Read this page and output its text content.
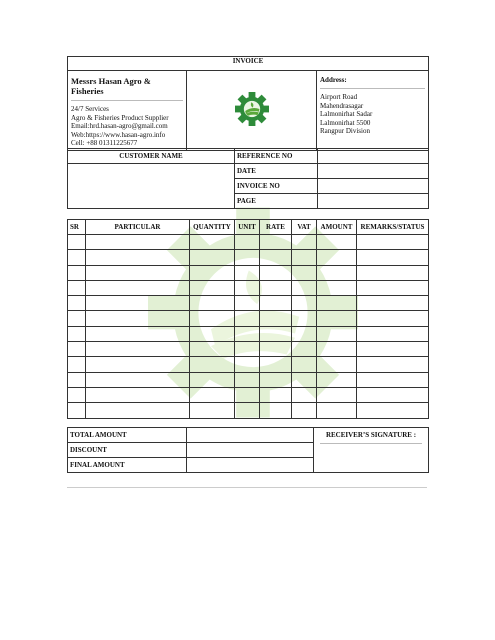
INVOICE

Messrs Hasan Agro & Fisheries
24/7 Services
Agro & Fisheries Product Supplier
Email:hrd.hasan-agro@gmail.com
Web:https://www.hasan-agro.info
Cell: +88 01311225677

Address:
Airport Road
Mahendrasagar
Lalmonirhat Sadar
Lalmonirhat 5500
Rangpur Division
CUSTOMER NAME	REFERENCE NO	
	DATE	
	INVOICE NO	
	PAGE	
SR	PARTICULAR	QUANTITY	UNIT	RATE	VAT	AMOUNT	REMARKS/STATUS

TOTAL AMOUNT		RECEIVER’S SIGNATURE :

DISCOUNT		
FINAL AMOUNT		
